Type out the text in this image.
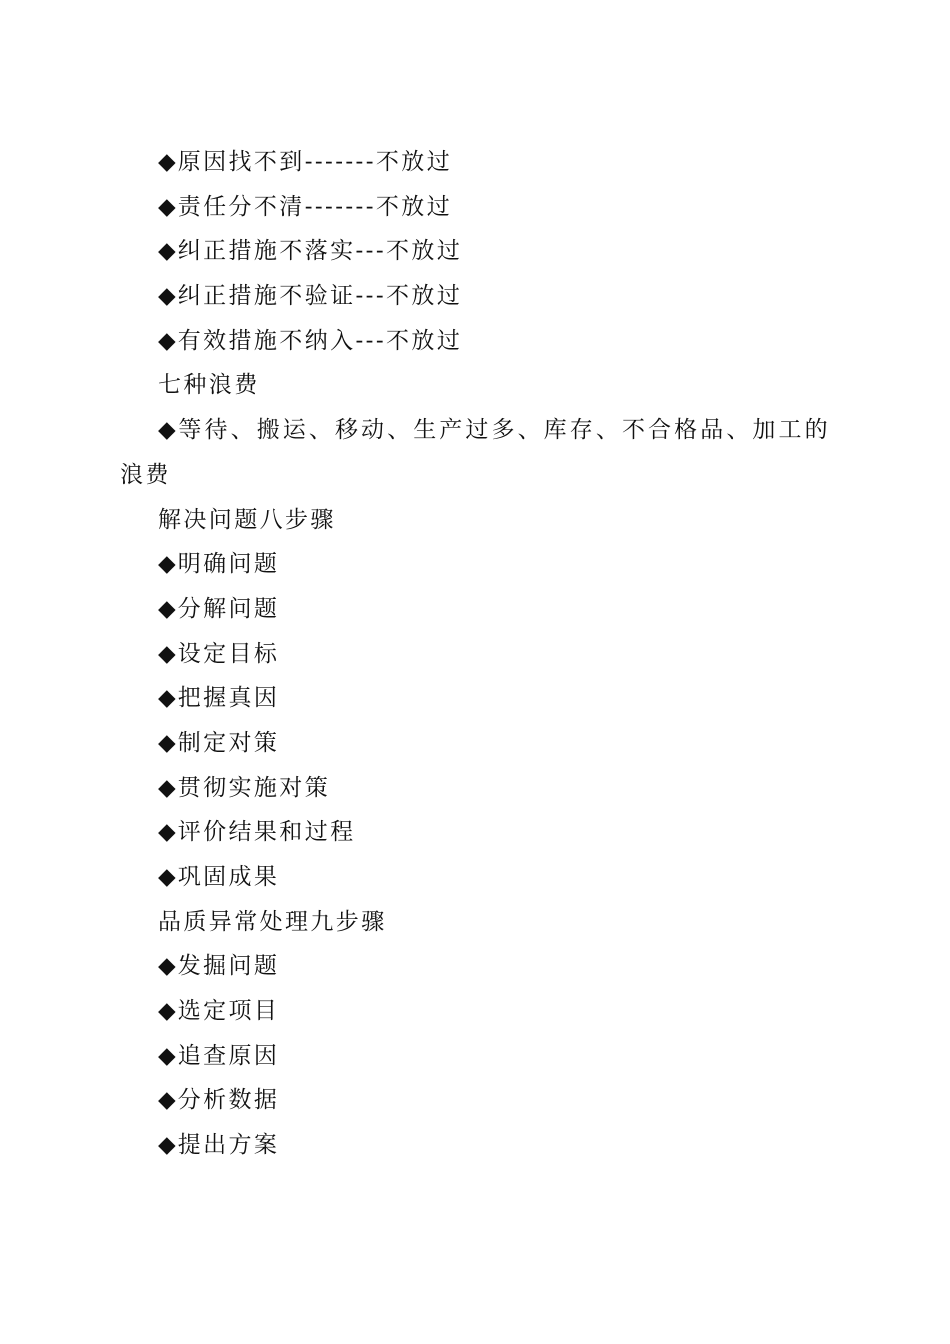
◆原因找不到-------不放过
◆责任分不清-------不放过
◆纠正措施不落实---不放过
◆纠正措施不验证---不放过
◆有效措施不纳入---不放过
七种浪费
◆等待、搬运、移动、生产过多、库存、不合格品、加工的浪费
解决问题八步骤
◆明确问题
◆分解问题
◆设定目标
◆把握真因
◆制定对策
◆贯彻实施对策
◆评价结果和过程
◆巩固成果
品质异常处理九步骤
◆发掘问题
◆选定项目
◆追查原因
◆分析数据
◆提出方案
